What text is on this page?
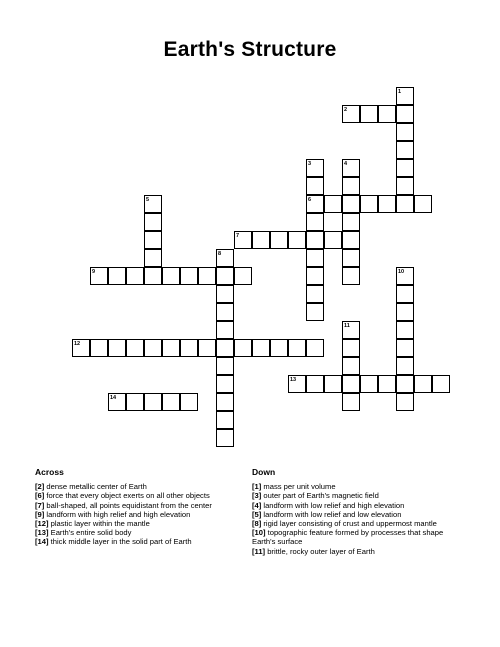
Earth's Structure
1
2
3
6
4
5
7
8
9	10
11
12
13
14
Across
[2] dense metallic center of Earth
[6] force that every object exerts on all other objects
[7] ball-shaped, all points equidistant from the center
[9] landform with high relief and high elevation
[12] plastic layer within the mantle
[13] Earth's entire solid body
[14] thick middle layer in the solid part of Earth
Down
[1] mass per unit volume
[3] outer part of Earth's magnetic field
[4] landform with low relief and high elevation
[5] landform with low relief and low elevation
[8] rigid layer consisting of crust and uppermost mantle
[10] topographic feature formed by processes that shape Earth's surface
[11] brittle, rocky outer layer of Earth
